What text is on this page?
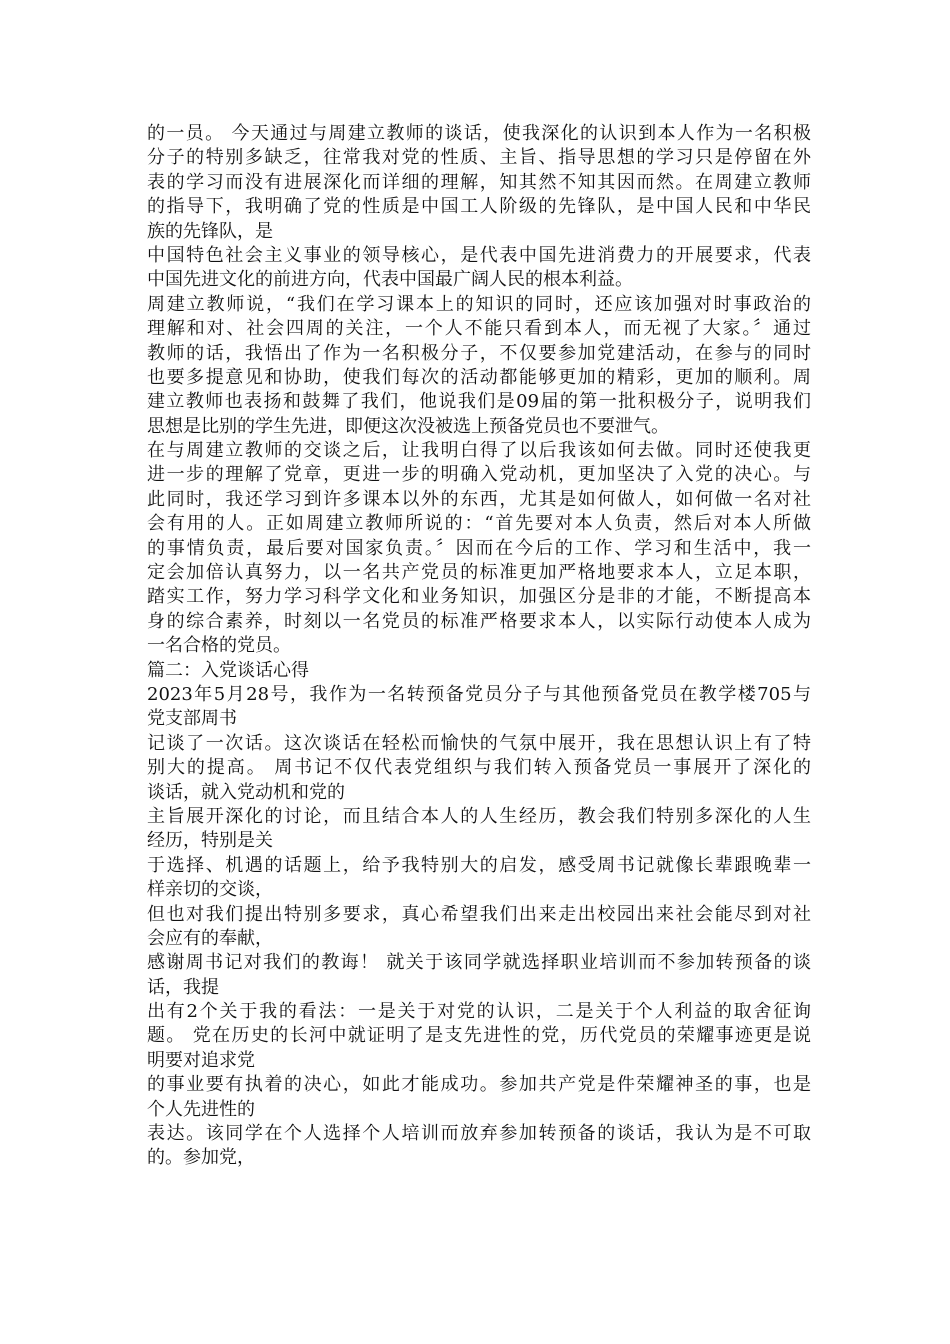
的一员。 今天通过与周建立教师的谈话，使我深化的认识到本人作为一名积极
分子的特别多缺乏，往常我对党的性质、主旨、指导思想的学习只是停留在外
表的学习而没有进展深化而详细的理解，知其然不知其因而然。在周建立教师
的指导下，我明确了党的性质是中国工人阶级的先锋队，是中国人民和中华民
族的先锋队，是
中国特色社会主义事业的领导核心，是代表中国先进消费力的开展要求，代表
中国先进文化的前进方向，代表中国最广阔人民的根本利益。
周建立教师说，“我们在学习课本上的知识的同时，还应该加强对时事政治的
理解和对、社会四周的关注，一个人不能只看到本人，而无视了大家。〞通过
教师的话，我悟出了作为一名积极分子，不仅要参加党建活动，在参与的同时
也要多提意见和协助，使我们每次的活动都能够更加的精彩，更加的顺利。周
建立教师也表扬和鼓舞了我们，他说我们是09届的第一批积极分子，说明我们
思想是比别的学生先进，即便这次没被选上预备党员也不要泄气。
在与周建立教师的交谈之后，让我明白得了以后我该如何去做。同时还使我更
进一步的理解了党章，更进一步的明确入党动机，更加坚决了入党的决心。与
此同时，我还学习到许多课本以外的东西，尤其是如何做人，如何做一名对社
会有用的人。正如周建立教师所说的：“首先要对本人负责，然后对本人所做
的事情负责，最后要对国家负责。〞因而在今后的工作、学习和生活中，我一
定会加倍认真努力，以一名共产党员的标准更加严格地要求本人，立足本职，
踏实工作，努力学习科学文化和业务知识，加强区分是非的才能，不断提高本
身的综合素养，时刻以一名党员的标准严格要求本人，以实际行动使本人成为
一名合格的党员。
篇二：入党谈话心得
2023年5月28号，我作为一名转预备党员分子与其他预备党员在教学楼705与
党支部周书
记谈了一次话。这次谈话在轻松而愉快的气氛中展开，我在思想认识上有了特
别大的提高。 周书记不仅代表党组织与我们转入预备党员一事展开了深化的
谈话，就入党动机和党的
主旨展开深化的讨论，而且结合本人的人生经历，教会我们特别多深化的人生
经历，特别是关
于选择、机遇的话题上，给予我特别大的启发，感受周书记就像长辈跟晚辈一
样亲切的交谈，
但也对我们提出特别多要求，真心希望我们出来走出校园出来社会能尽到对社
会应有的奉献，
感谢周书记对我们的教诲！ 就关于该同学就选择职业培训而不参加转预备的谈
话，我提
出有2个关于我的看法：一是关于对党的认识，二是关于个人利益的取舍征询
题。 党在历史的长河中就证明了是支先进性的党，历代党员的荣耀事迹更是说
明要对追求党
的事业要有执着的决心，如此才能成功。参加共产党是件荣耀神圣的事，也是
个人先进性的
表达。该同学在个人选择个人培训而放弃参加转预备的谈话，我认为是不可取
的。参加党，
